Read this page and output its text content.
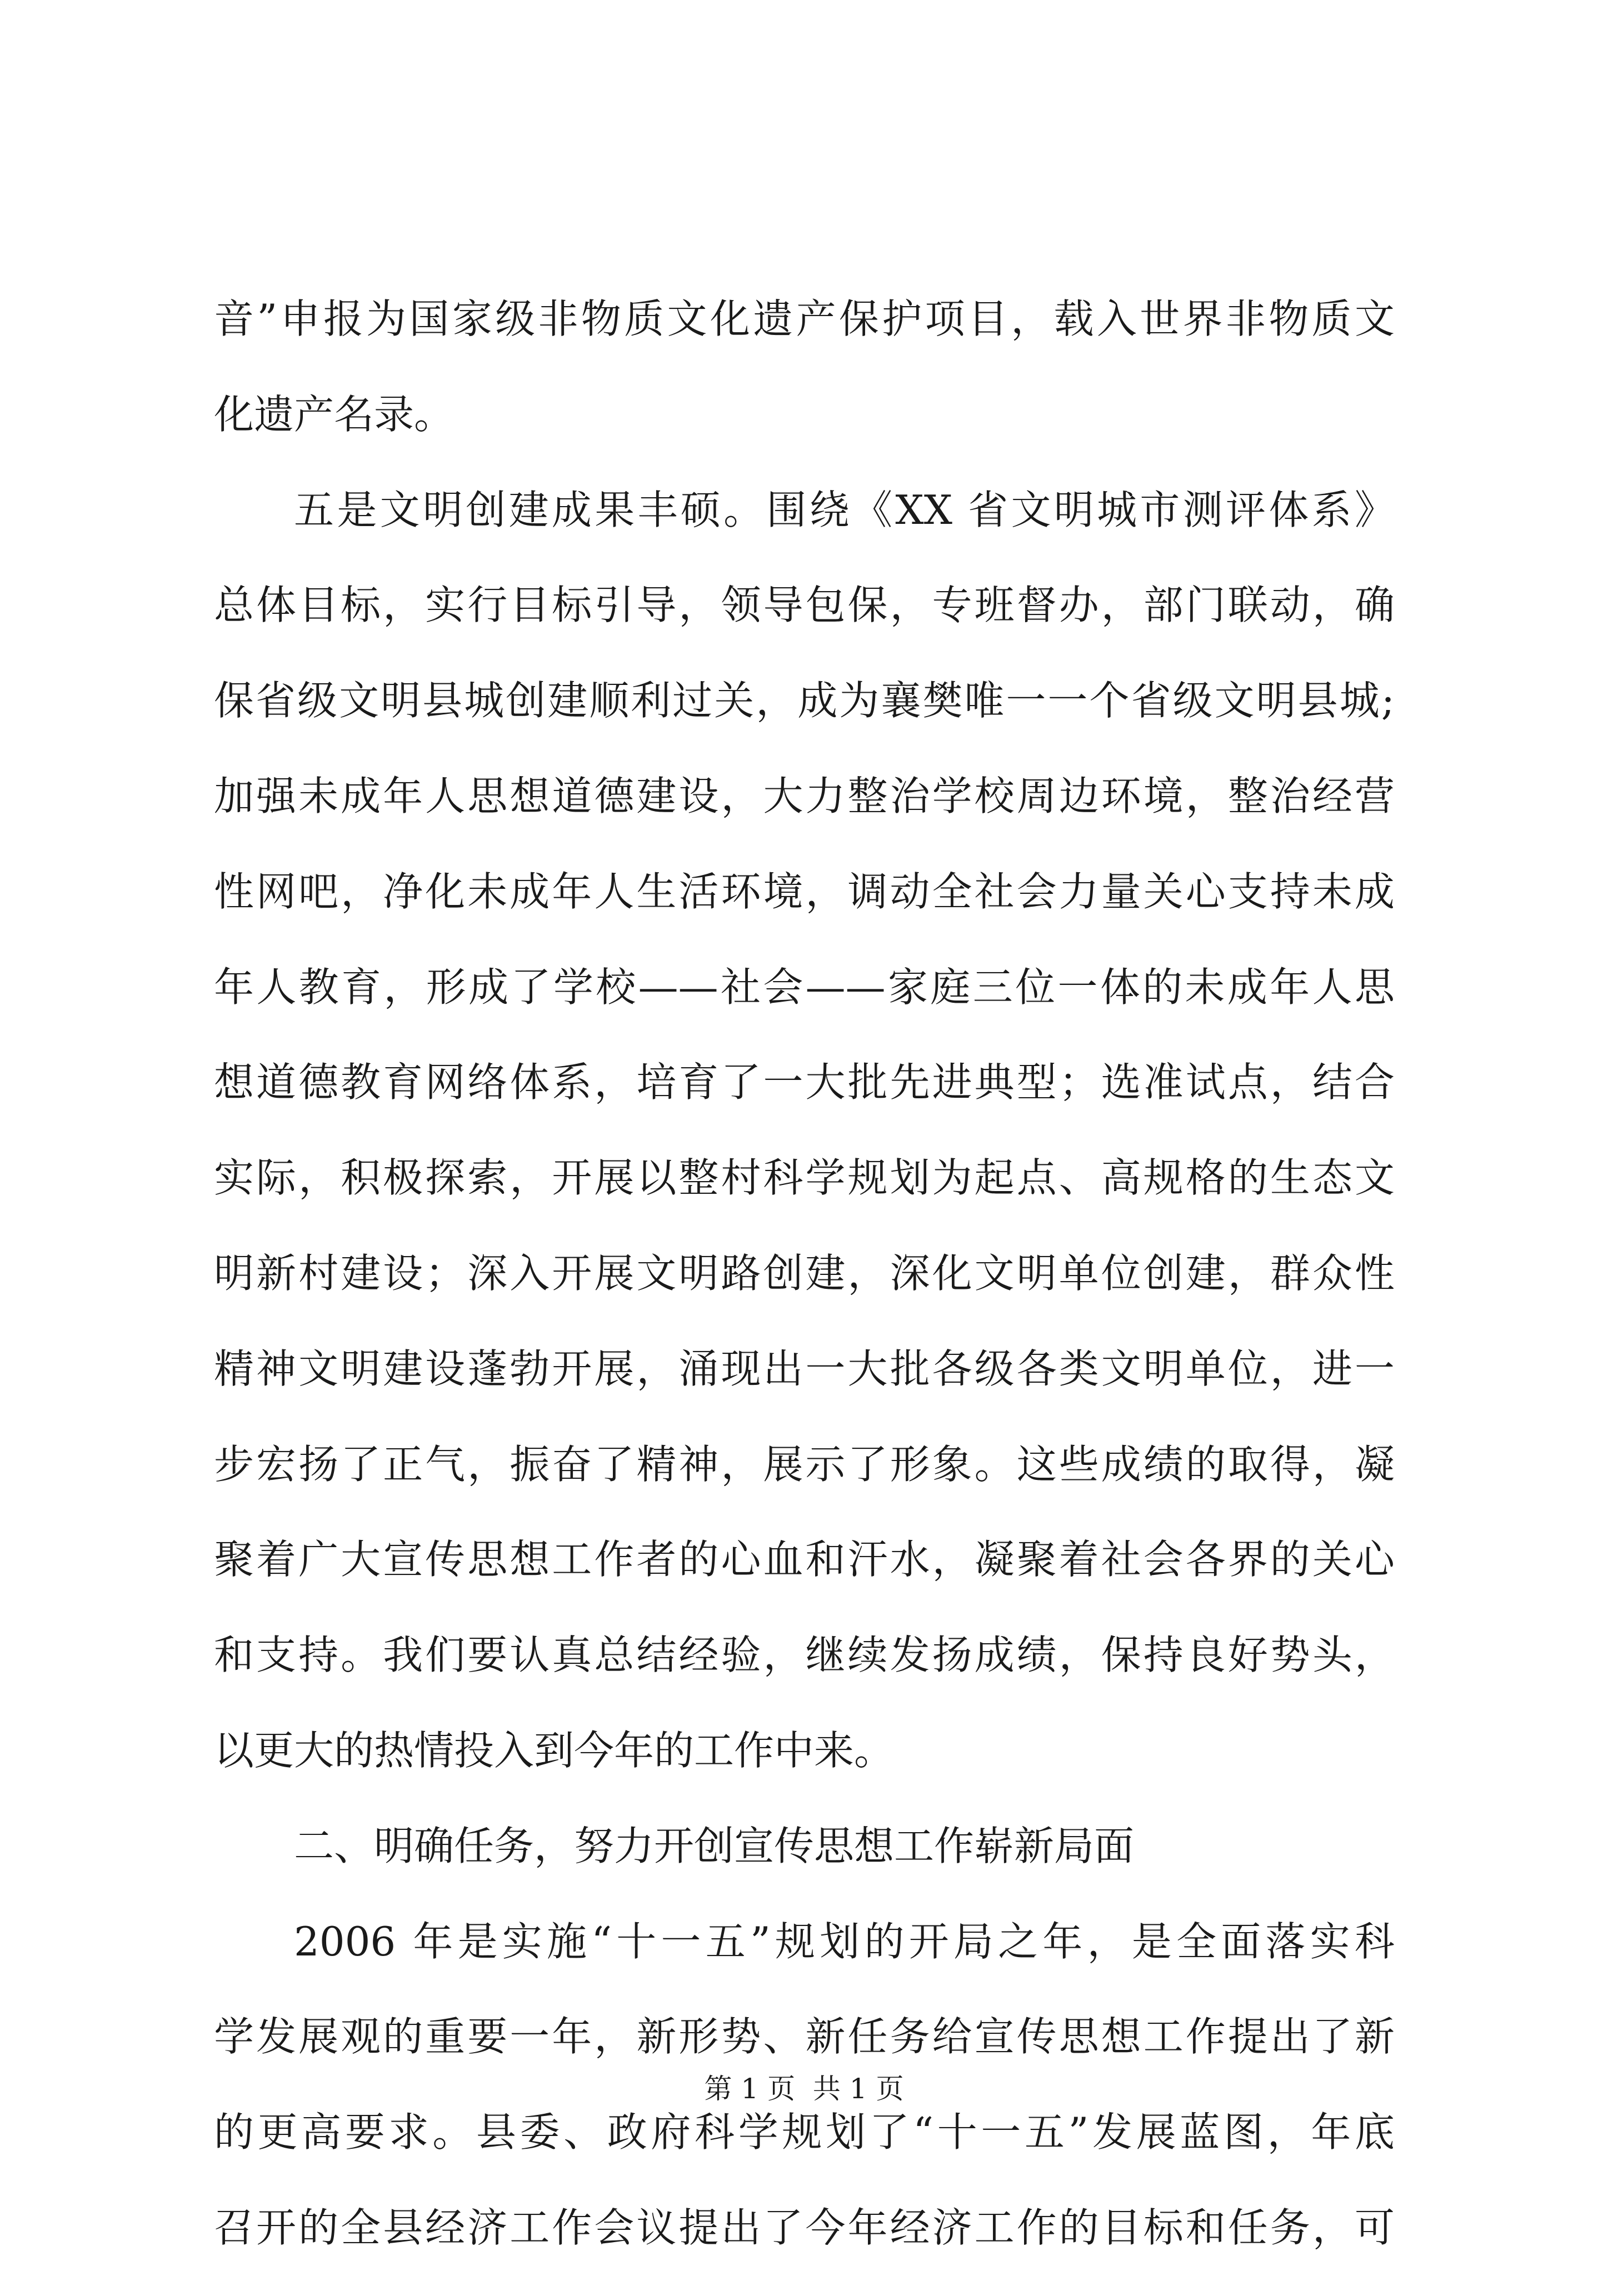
音”申报为国家级非物质文化遗产保护项目，载入世界非物质文
化遗产名录。
五是文明创建成果丰硕。围绕《XX 省文明城市测评体系》
总体目标，实行目标引导，领导包保，专班督办，部门联动，确
保省级文明县城创建顺利过关，成为襄樊唯一一个省级文明县城;
加强未成年人思想道德建设，大力整治学校周边环境，整治经营
性网吧，净化未成年人生活环境，调动全社会力量关心支持未成
年人教育，形成了学校——社会——家庭三位一体的未成年人思
想道德教育网络体系，培育了一大批先进典型；选准试点，结合
实际，积极探索，开展以整村科学规划为起点、高规格的生态文
明新村建设；深入开展文明路创建，深化文明单位创建，群众性
精神文明建设蓬勃开展，涌现出一大批各级各类文明单位，进一
步宏扬了正气，振奋了精神，展示了形象。这些成绩的取得，凝
聚着广大宣传思想工作者的心血和汗水，凝聚着社会各界的关心
和支持。我们要认真总结经验，继续发扬成绩，保持良好势头，
以更大的热情投入到今年的工作中来。
二、明确任务，努力开创宣传思想工作崭新局面
2006 年是实施“十一五”规划的开局之年，是全面落实科
学发展观的重要一年，新形势、新任务给宣传思想工作提出了新
的更高要求。县委、政府科学规划了“十一五”发展蓝图，年底
召开的全县经济工作会议提出了今年经济工作的目标和任务，可
第 1 页  共 1 页
